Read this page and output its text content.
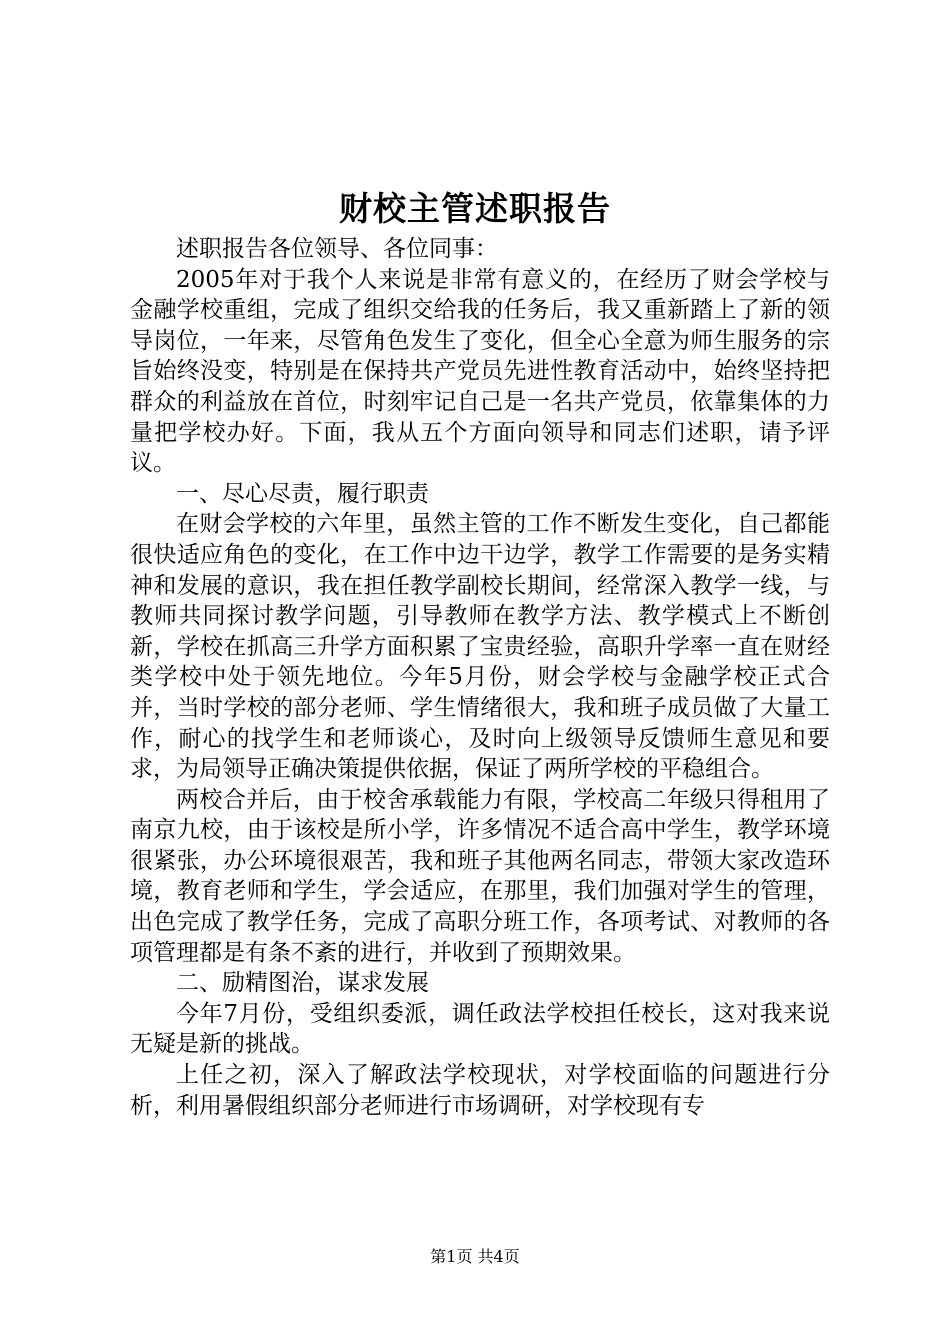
财校主管述职报告

述职报告各位领导、各位同事：

2005年对于我个人来说是非常有意义的，在经历了财会学校与金融学校重组，完成了组织交给我的任务后，我又重新踏上了新的领导岗位，一年来，尽管角色发生了变化，但全心全意为师生服务的宗旨始终没变，特别是在保持共产党员先进性教育活动中，始终坚持把群众的利益放在首位，时刻牢记自己是一名共产党员，依靠集体的力量把学校办好。下面，我从五个方面向领导和同志们述职，请予评议。

一、尽心尽责，履行职责

在财会学校的六年里，虽然主管的工作不断发生变化，自己都能很快适应角色的变化，在工作中边干边学，教学工作需要的是务实精神和发展的意识，我在担任教学副校长期间，经常深入教学一线，与教师共同探讨教学问题，引导教师在教学方法、教学模式上不断创新，学校在抓高三升学方面积累了宝贵经验，高职升学率一直在财经类学校中处于领先地位。今年5月份，财会学校与金融学校正式合并，当时学校的部分老师、学生情绪很大，我和班子成员做了大量工作，耐心的找学生和老师谈心，及时向上级领导反馈师生意见和要求，为局领导正确决策提供依据，保证了两所学校的平稳组合。

两校合并后，由于校舍承载能力有限，学校高二年级只得租用了南京九校，由于该校是所小学，许多情况不适合高中学生，教学环境很紧张，办公环境很艰苦，我和班子其他两名同志，带领大家改造环境，教育老师和学生，学会适应，在那里，我们加强对学生的管理，出色完成了教学任务，完成了高职分班工作，各项考试、对教师的各项管理都是有条不紊的进行，并收到了预期效果。

二、励精图治，谋求发展

今年7月份，受组织委派，调任政法学校担任校长，这对我来说无疑是新的挑战。

上任之初，深入了解政法学校现状，对学校面临的问题进行分析，利用暑假组织部分老师进行市场调研，对学校现有专

第1页 共4页
